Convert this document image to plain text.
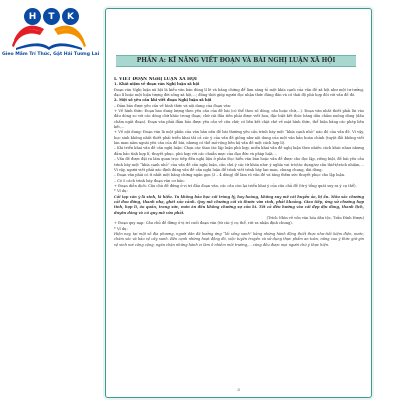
H	T	K
Gieo Mầm Trí Thức, Gặt Hái Tương Lai
PHẦN A: KĨ NĂNG VIẾT ĐOẠN VÀ BÀI NGHỊ LUẬN XÃ HỘI

I. VIẾT ĐOẠN NGHỊ LUẬN XÃ HỘI

1. Khái niệm về đoạn văn Nghị luận xã hội

Đoạn văn Nghị luận xã hội là kiểu văn bản dùng lí lẽ và bằng chứng để làm sáng tỏ một khía cạnh của vấn đề xã hội như một tư tưởng, đạo lí hoặc một hiện tượng đời sống xã hội,...; đồng thời giúp người đọc nhận thức đúng đắn và có thái độ phù hợp đối với vấn đề đó.

2. Một số yêu cầu khi viết đoạn Nghị luận xã hội

– Đảm bảo được yêu cầu về hình thức và nội dung của đoạn văn:

+ Về hình thức: Đoạn bao dung lượng theo yêu cầu của đề bài (có thể theo số dòng, câu hoặc chữ,...). Đoạn văn nhất thiết phải lùi vào đầu dòng so với các dòng chữ khác trong đoạn; chữ cái đầu tiên phải được viết hoa, đặc biệt kết thúc bằng dấu chấm xuống dòng (dấu chấm ngắt đoạn). Đoạn văn phải đảm bảo được yêu cầu về câu chữ; có liên kết chặt chẽ về mặt hình thức, thể hiện bằng các phép liên kết,...

+ Về nội dung: Đoạn văn là một phần của văn bản nên đề bài thường yêu cầu trình bày một “khía cạnh nhỏ” nào đó của vấn đề. Vì vậy, học sinh không nhất thiết phải triển khai tất cả các ý của vấn đề giống như nội dung của một văn bản hoàn chỉnh (tuyệt đối không viết lan man nằm ngoài yêu cầu của đề bài, nhưng có thể mở rộng liên hệ vấn đề một cách hợp lí).

– Khi triển khai vấn đề cần nghị luận: Chọn các thao tác lập luận phù hợp, miễn khai vấn đề nghị luận theo nhiều cách khác nhau nhưng đảm bảo tính hợp lí, thuyết phục, phù hợp với các chuẩn mực của đạo đức và pháp luật,...

– Vấn đề được đặt ra làm quan trọc tiếp đến nghị liệu ở phần Đọc hiểu văn bản hoặc vấn đề được cho đọc lập, riêng biệt, đề bài yêu cầu trình bày một “khía cạnh nhỏ” của vấn đề cần nghị luận, cần chú ý các từ khóa như: ý nghĩa vai trò/tác dụng/sự cần thiết/trách nhiệm,... Vì vậy, người viết phải xác định đúng vấn đề cần nghị luận để trình viết trình bày lan man, chung chung, dài dòng.

– Đoạn văn phải có ít nhất một bằng chứng ngắn gọn (3 – 4 dòng) để làm rõ vấn đề và tăng thêm sức thuyết phục cho lập luận.

– Có 5 cách trình bày đoạn văn cơ bản:

+ Đoạn diễn dịch: Câu chủ đề đứng ở vị trí đầu đoạn văn, các câu còn lại triển khai ý của câu chủ đề (từ ý tổng quát suy ra ý cụ thể).

* Ví dụ:

Cải tạp văn ý là sinh, là hiểu. Tu không bảo học cái trùng lý, hay hoàng, không suy mê cái huyền ảo, bị ẩn. Mấu sắc chướng cải đau đớng, thanh nhẹ, ghét xảo cảnh. Quy mô chướng cải và thước vừa vinh, phải khoảng. Giao tiếp, ứng xử chướng hợp tình, hợp lí, áo quần, trang sức, món ăn đều không chướng sự cầu kì. Tất cả đều hướng vào cái đẹp dịu dàng, thanh lịch, duyên dáng và có quy mô vừa phải.

(Trích Nhìn về vốn văn hóa dân tộc, Trần Đình Hượu)

+ Đoạn quy nạp: Câu chủ đề đứng ở vị trí cuối đoạn văn (từ các ý cụ thể, rút ra nhận định chung).

* Ví dụ:

Hiện nay, tại một số địa phương, người dân đã hưởng ứng “lối sống xanh” bằng những hành động thiết thực như tiết kiệm điện, nước; chăm sóc và bảo vệ cây xanh. Bên cạnh những hoạt động đó, việc tuyên truyền và sử dụng thực phẩm an toàn, nâng cao ý thức giữ gìn vệ sinh nơi công cộng, ngăn chặn những hành vi làm ô nhiễm môi trường,... cũng đều được mọi người chú ý thực hiện.

3
